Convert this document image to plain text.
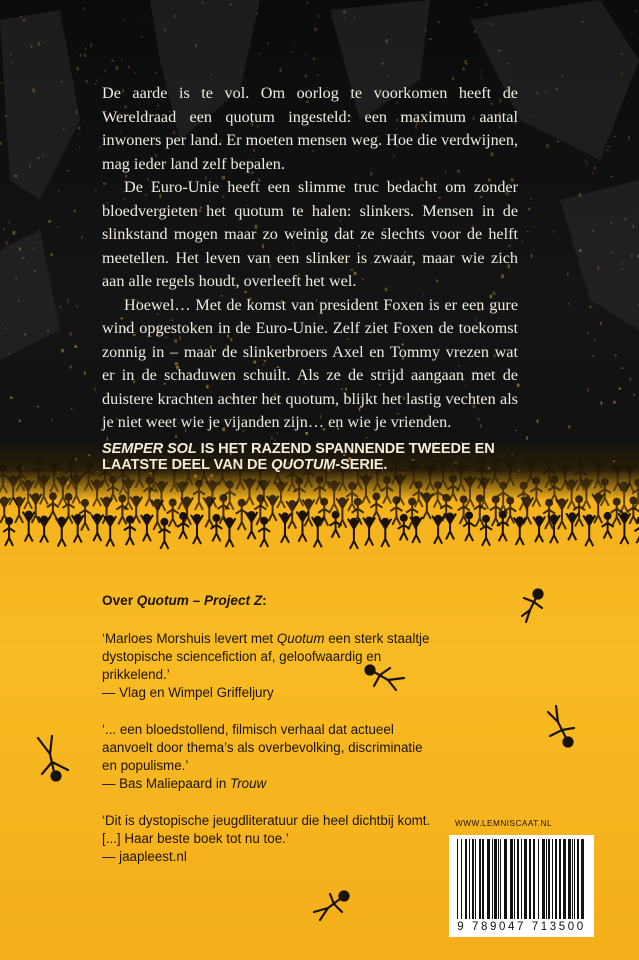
De aarde is te vol. Om oorlog te voorkomen heeft de Wereldraad een quotum ingesteld: een maximum aantal inwoners per land. Er moeten mensen weg. Hoe die verdwijnen, mag ieder land zelf bepalen.

De Euro-Unie heeft een slimme truc bedacht om zonder bloedvergieten het quotum te halen: slinkers. Mensen in de slinkstand mogen maar zo weinig dat ze slechts voor de helft meetellen. Het leven van een slinker is zwaar, maar wie zich aan alle regels houdt, overleeft het wel.

Hoewel… Met de komst van president Foxen is er een gure wind opgestoken in de Euro-Unie. Zelf ziet Foxen de toekomst zonnig in – maar de slinkerbroers Axel en Tommy vrezen wat er in de schaduwen schuilt. Als ze de strijd aangaan met de duistere krachten achter het quotum, blijkt het lastig vechten als je niet weet wie je vijanden zijn… en wie je vrienden.

SEMPER SOL IS HET RAZEND SPANNENDE TWEEDE EN LAATSTE DEEL VAN DE QUOTUM-SERIE.
Over Quotum – Project Z:
‘Marloes Morshuis levert met Quotum een sterk staaltje dystopische sciencefiction af, geloofwaardig en prikkelend.’
— Vlag en Wimpel Griffeljury
‘... een bloedstollend, filmisch verhaal dat actueel aanvoelt door thema’s als overbevolking, discriminatie en populisme.’
— Bas Maliepaard in Trouw
‘Dit is dystopische jeugdliteratuur die heel dichtbij komt. [...] Haar beste boek tot nu toe.’
— jaapleest.nl
WWW.LEMNISCAAT.NL
9 789047 713500
